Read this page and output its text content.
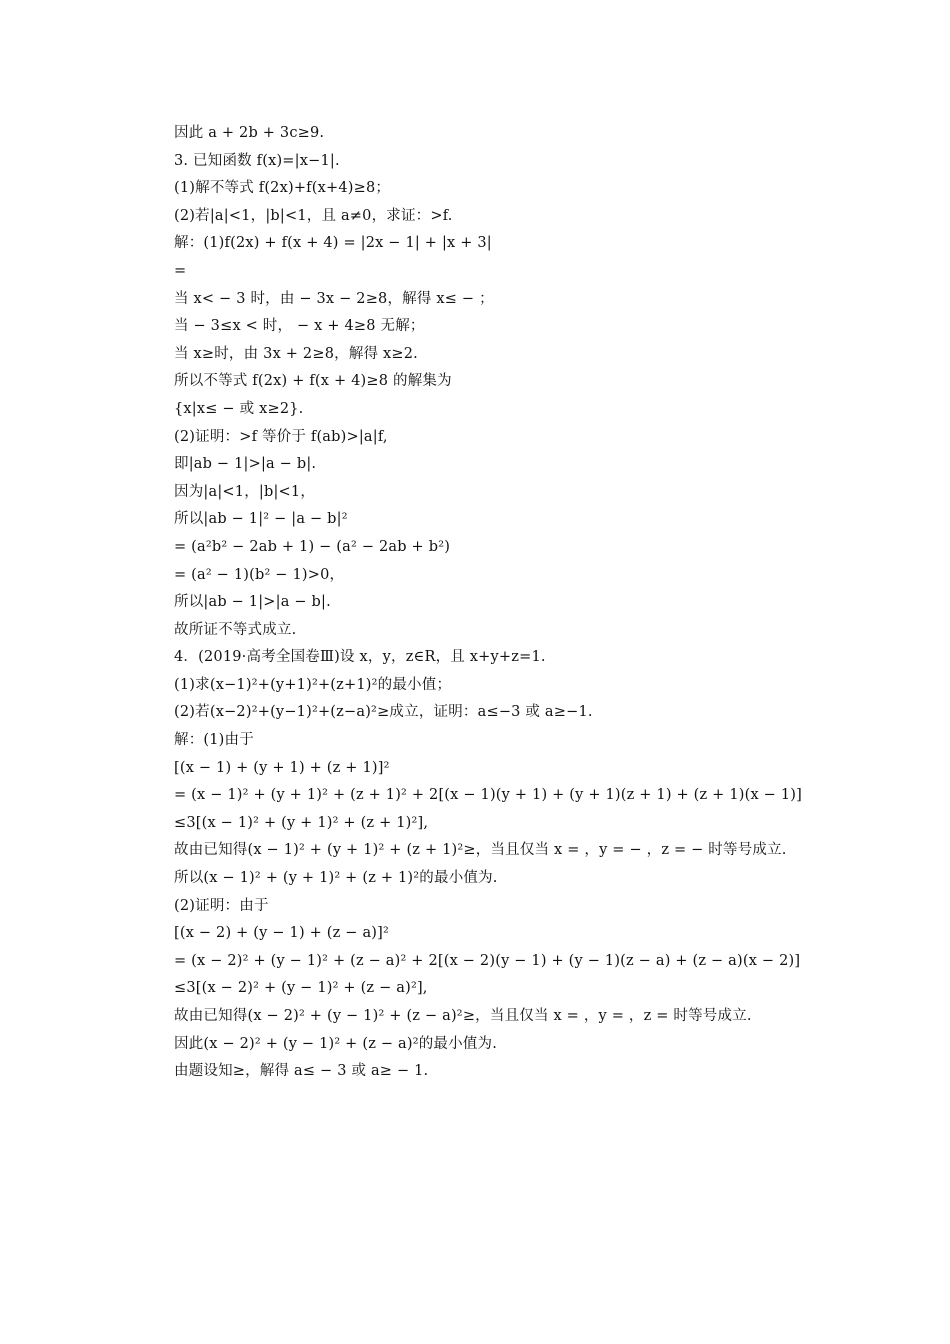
因此 a + 2b + 3c≥9.
3. 已知函数 f(x)=|x−1|.
(1)解不等式 f(2x)+f(x+4)≥8；
(2)若|a|<1，|b|<1，且 a≠0，求证：>f.
解：(1)f(2x) + f(x + 4) = |2x − 1| + |x + 3|
=
当 x< − 3 时，由 − 3x − 2≥8，解得 x≤ − ；
当 − 3≤x < 时， − x + 4≥8 无解；
当 x≥时，由 3x + 2≥8，解得 x≥2.
所以不等式 f(2x) + f(x + 4)≥8 的解集为
{x|x≤ − 或 x≥2}.
(2)证明：>f 等价于 f(ab)>|a|f,
即|ab − 1|>|a − b|.
因为|a|<1，|b|<1，
所以|ab − 1|² − |a − b|²
= (a²b² − 2ab + 1) − (a² − 2ab + b²)
= (a² − 1)(b² − 1)>0，
所以|ab − 1|>|a − b|.
故所证不等式成立.
4．(2019·高考全国卷Ⅲ)设 x，y，z∈R，且 x+y+z=1.
(1)求(x−1)²+(y+1)²+(z+1)²的最小值；
(2)若(x−2)²+(y−1)²+(z−a)²≥成立，证明：a≤−3 或 a≥−1.
解：(1)由于
[(x − 1) + (y + 1) + (z + 1)]²
= (x − 1)² + (y + 1)² + (z + 1)² + 2[(x − 1)(y + 1) + (y + 1)(z + 1) + (z + 1)(x − 1)]
≤3[(x − 1)² + (y + 1)² + (z + 1)²],
故由已知得(x − 1)² + (y + 1)² + (z + 1)²≥，当且仅当 x = ，y = − ，z = − 时等号成立.
所以(x − 1)² + (y + 1)² + (z + 1)²的最小值为.
(2)证明：由于
[(x − 2) + (y − 1) + (z − a)]²
= (x − 2)² + (y − 1)² + (z − a)² + 2[(x − 2)(y − 1) + (y − 1)(z − a) + (z − a)(x − 2)]
≤3[(x − 2)² + (y − 1)² + (z − a)²],
故由已知得(x − 2)² + (y − 1)² + (z − a)²≥，当且仅当 x = ，y = ，z = 时等号成立.
因此(x − 2)² + (y − 1)² + (z − a)²的最小值为.
由题设知≥，解得 a≤ − 3 或 a≥ − 1.
